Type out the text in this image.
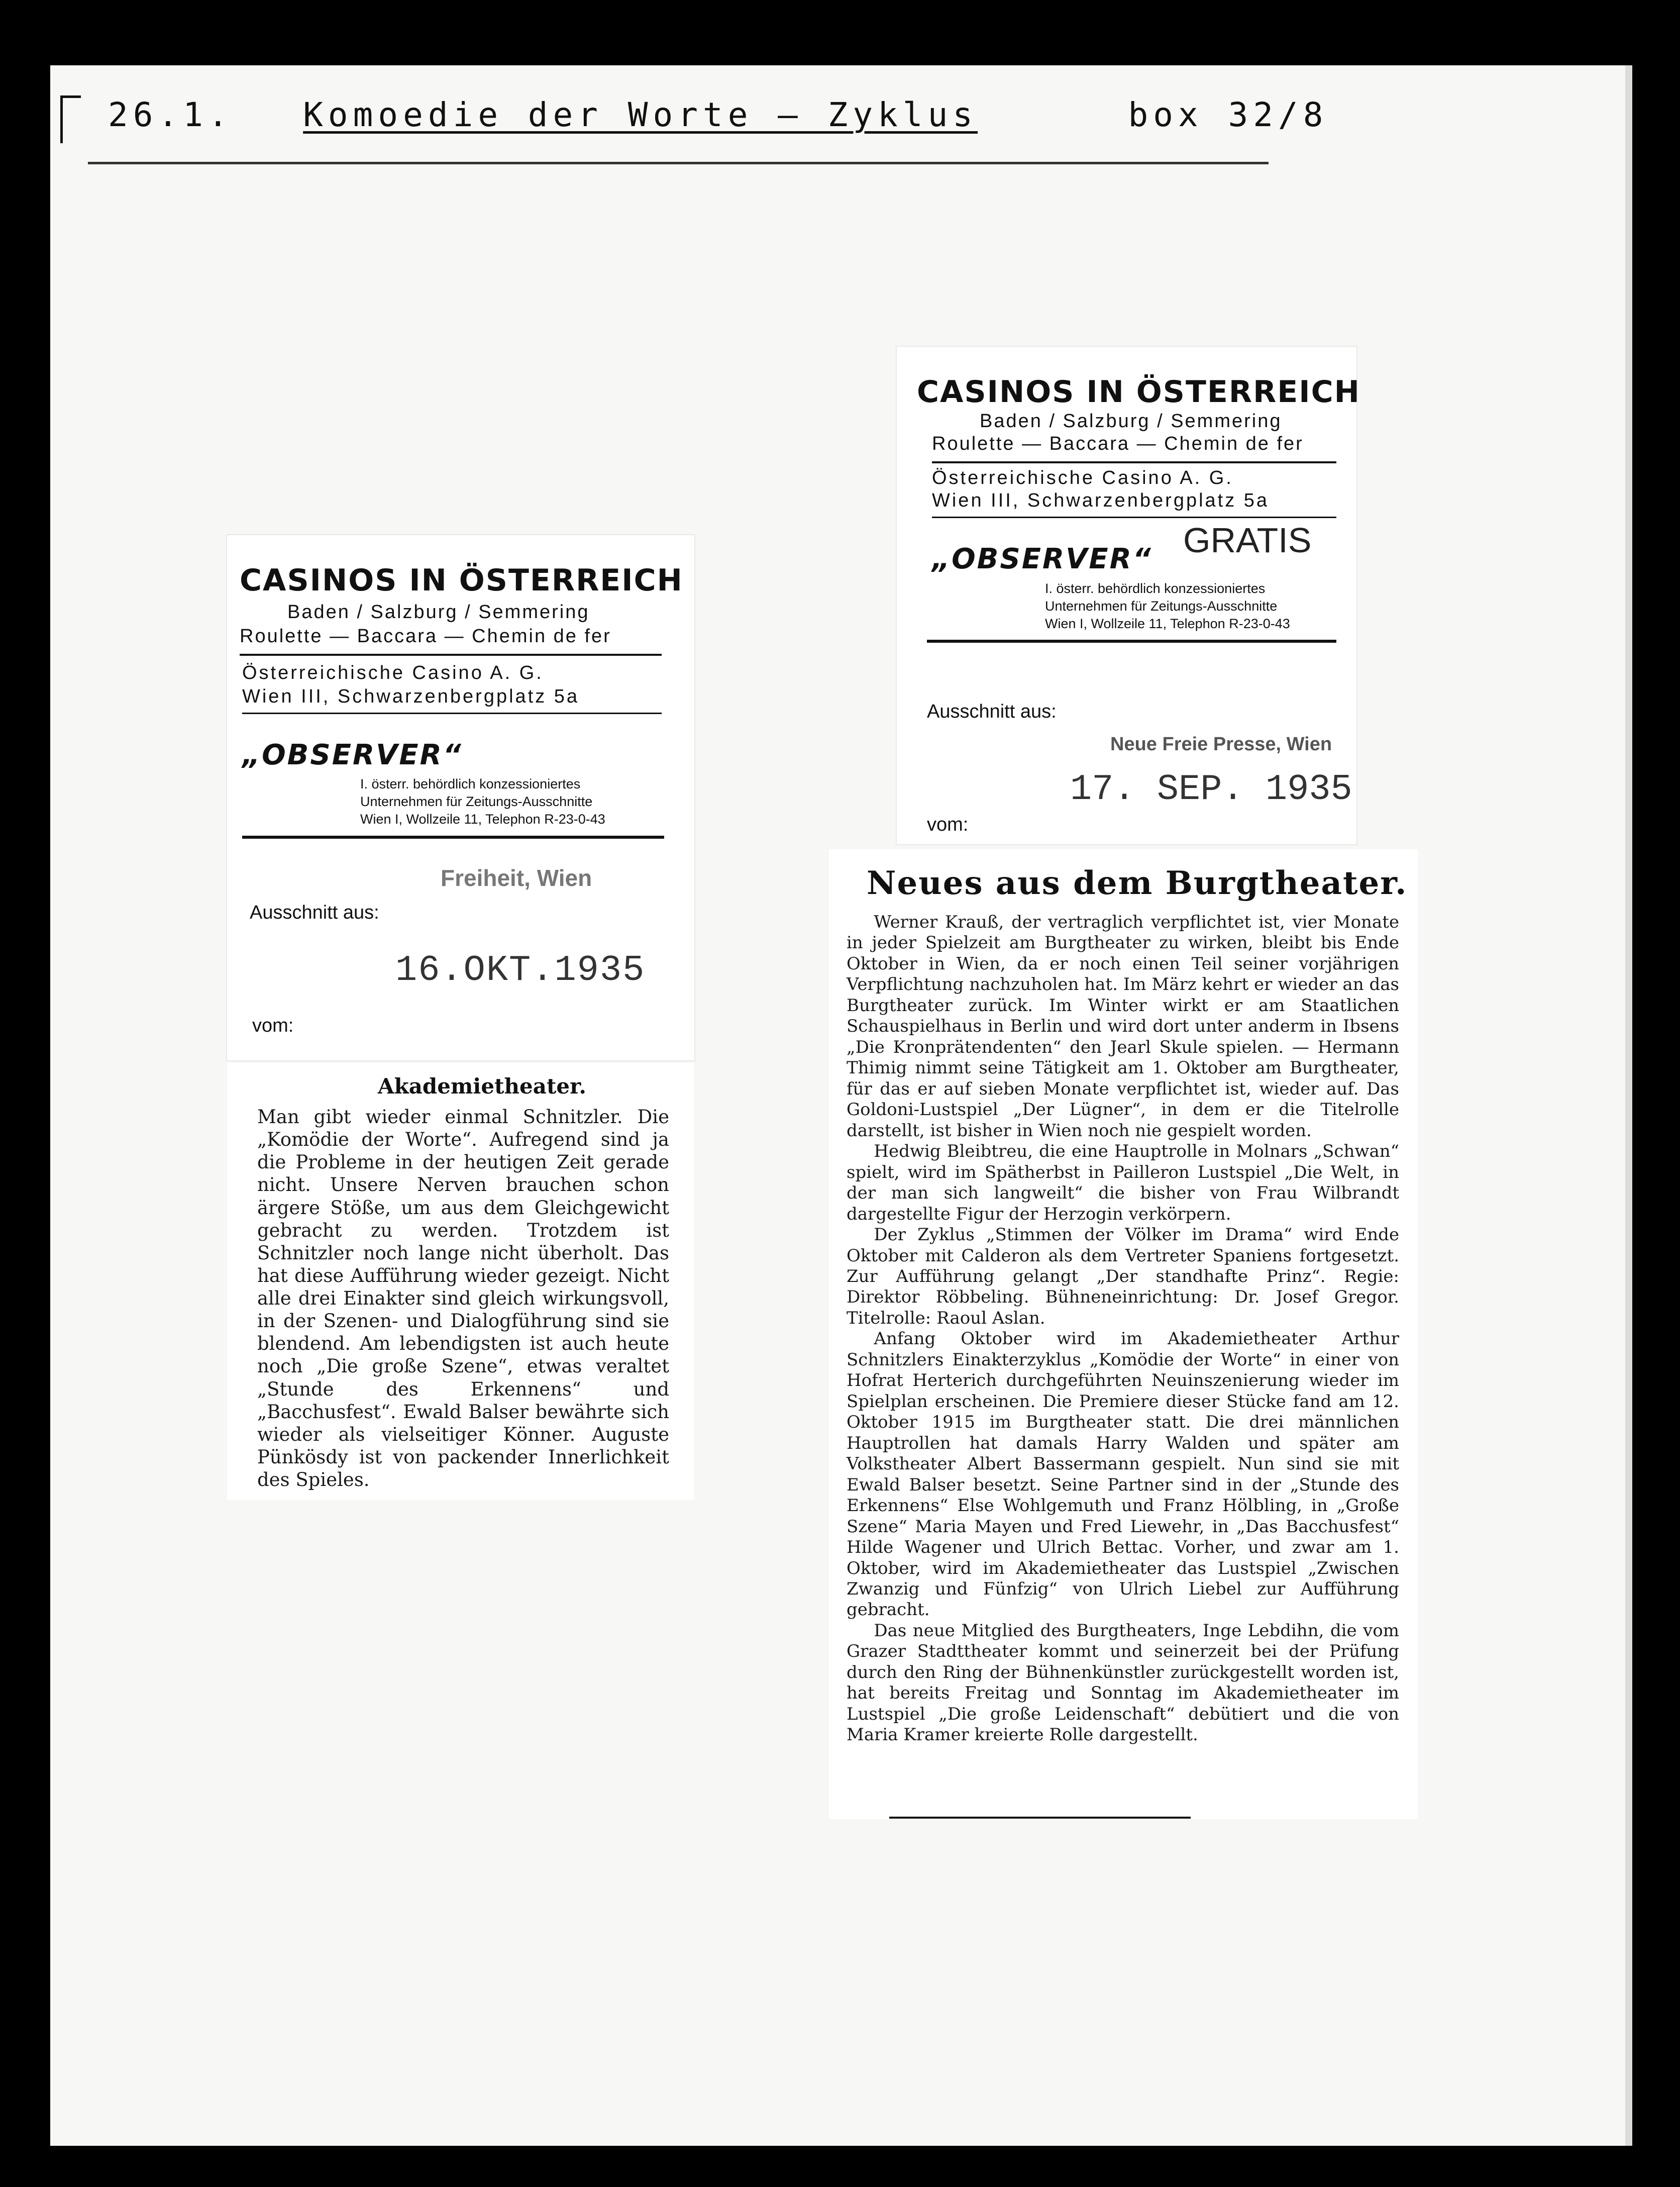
26.1. Komoedie der Worte – Zyklus	box 32/8
CASINOS IN ÖSTERREICH
Baden / Salzburg / Semmering
Roulette — Baccara — Chemin de fer
Österreichische Casino A. G.
Wien III, Schwarzenbergplatz 5a
„OBSERVER“
I. österr. behördlich konzessioniertes
Unternehmen für Zeitungs-Ausschnitte
Wien I, Wollzeile 11, Telephon R-23-0-43
Freiheit, Wien
Ausschnitt aus:
16.OKT.1935
vom:
Akademietheater.
Man gibt wieder einmal Schnitzler. Die „Komödie der Worte“. Aufregend sind ja die Probleme in der heutigen Zeit gerade nicht. Unsere Nerven brauchen schon ärgere Stöße, um aus dem Gleichgewicht gebracht zu werden. Trotzdem ist Schnitzler noch lange nicht überholt. Das hat diese Aufführung wieder gezeigt. Nicht alle drei Einakter sind gleich wirkungsvoll, in der Szenen- und Dialogführung sind sie blendend. Am lebendigsten ist auch heute noch „Die große Szene“, etwas veraltet „Stunde des Erkennens“ und „Bacchusfest“. Ewald Balser bewährte sich wieder als vielseitiger Könner. Auguste Pünkösdy ist von packender Innerlichkeit des Spieles.
CASINOS IN ÖSTERREICH
Baden / Salzburg / Semmering
Roulette — Baccara — Chemin de fer
Österreichische Casino A. G.
Wien III, Schwarzenbergplatz 5a
GRATIS
„OBSERVER“
I. österr. behördlich konzessioniertes
Unternehmen für Zeitungs-Ausschnitte
Wien I, Wollzeile 11, Telephon R-23-0-43
Ausschnitt aus:
Neue Freie Presse, Wien
17. SEP. 1935
vom:
Neues aus dem Burgtheater.

Werner Krauß, der vertraglich verpflichtet ist, vier Monate in jeder Spielzeit am Burgtheater zu wirken, bleibt bis Ende Oktober in Wien, da er noch einen Teil seiner vorjährigen Verpflichtung nachzuholen hat. Im März kehrt er wieder an das Burgtheater zurück. Im Winter wirkt er am Staatlichen Schauspielhaus in Berlin und wird dort unter anderm in Ibsens „Die Kronprätendenten“ den Jearl Skule spielen. — Hermann Thimig nimmt seine Tätigkeit am 1. Oktober am Burgtheater, für das er auf sieben Monate verpflichtet ist, wieder auf. Das Goldoni-Lustspiel „Der Lügner“, in dem er die Titelrolle darstellt, ist bisher in Wien noch nie gespielt worden.

Hedwig Bleibtreu, die eine Hauptrolle in Molnars „Schwan“ spielt, wird im Spätherbst in Pailleron Lustspiel „Die Welt, in der man sich langweilt“ die bisher von Frau Wilbrandt dargestellte Figur der Herzogin verkörpern.

Der Zyklus „Stimmen der Völker im Drama“ wird Ende Oktober mit Calderon als dem Vertreter Spaniens fortgesetzt. Zur Aufführung gelangt „Der standhafte Prinz“. Regie: Direktor Röbbeling. Bühneneinrichtung: Dr. Josef Gregor. Titelrolle: Raoul Aslan.

Anfang Oktober wird im Akademietheater Arthur Schnitzlers Einakterzyklus „Komödie der Worte“ in einer von Hofrat Herterich durchgeführten Neuinszenierung wieder im Spielplan erscheinen. Die Premiere dieser Stücke fand am 12. Oktober 1915 im Burgtheater statt. Die drei männlichen Hauptrollen hat damals Harry Walden und später am Volkstheater Albert Bassermann gespielt. Nun sind sie mit Ewald Balser besetzt. Seine Partner sind in der „Stunde des Erkennens“ Else Wohlgemuth und Franz Hölbling, in „Große Szene“ Maria Mayen und Fred Liewehr, in „Das Bacchusfest“ Hilde Wagener und Ulrich Bettac. Vorher, und zwar am 1. Oktober, wird im Akademietheater das Lustspiel „Zwischen Zwanzig und Fünfzig“ von Ulrich Liebel zur Aufführung gebracht.

Das neue Mitglied des Burgtheaters, Inge Lebdihn, die vom Grazer Stadttheater kommt und seinerzeit bei der Prüfung durch den Ring der Bühnenkünstler zurückgestellt worden ist, hat bereits Freitag und Sonntag im Akademietheater im Lustspiel „Die große Leidenschaft“ debütiert und die von Maria Kramer kreierte Rolle dargestellt.
